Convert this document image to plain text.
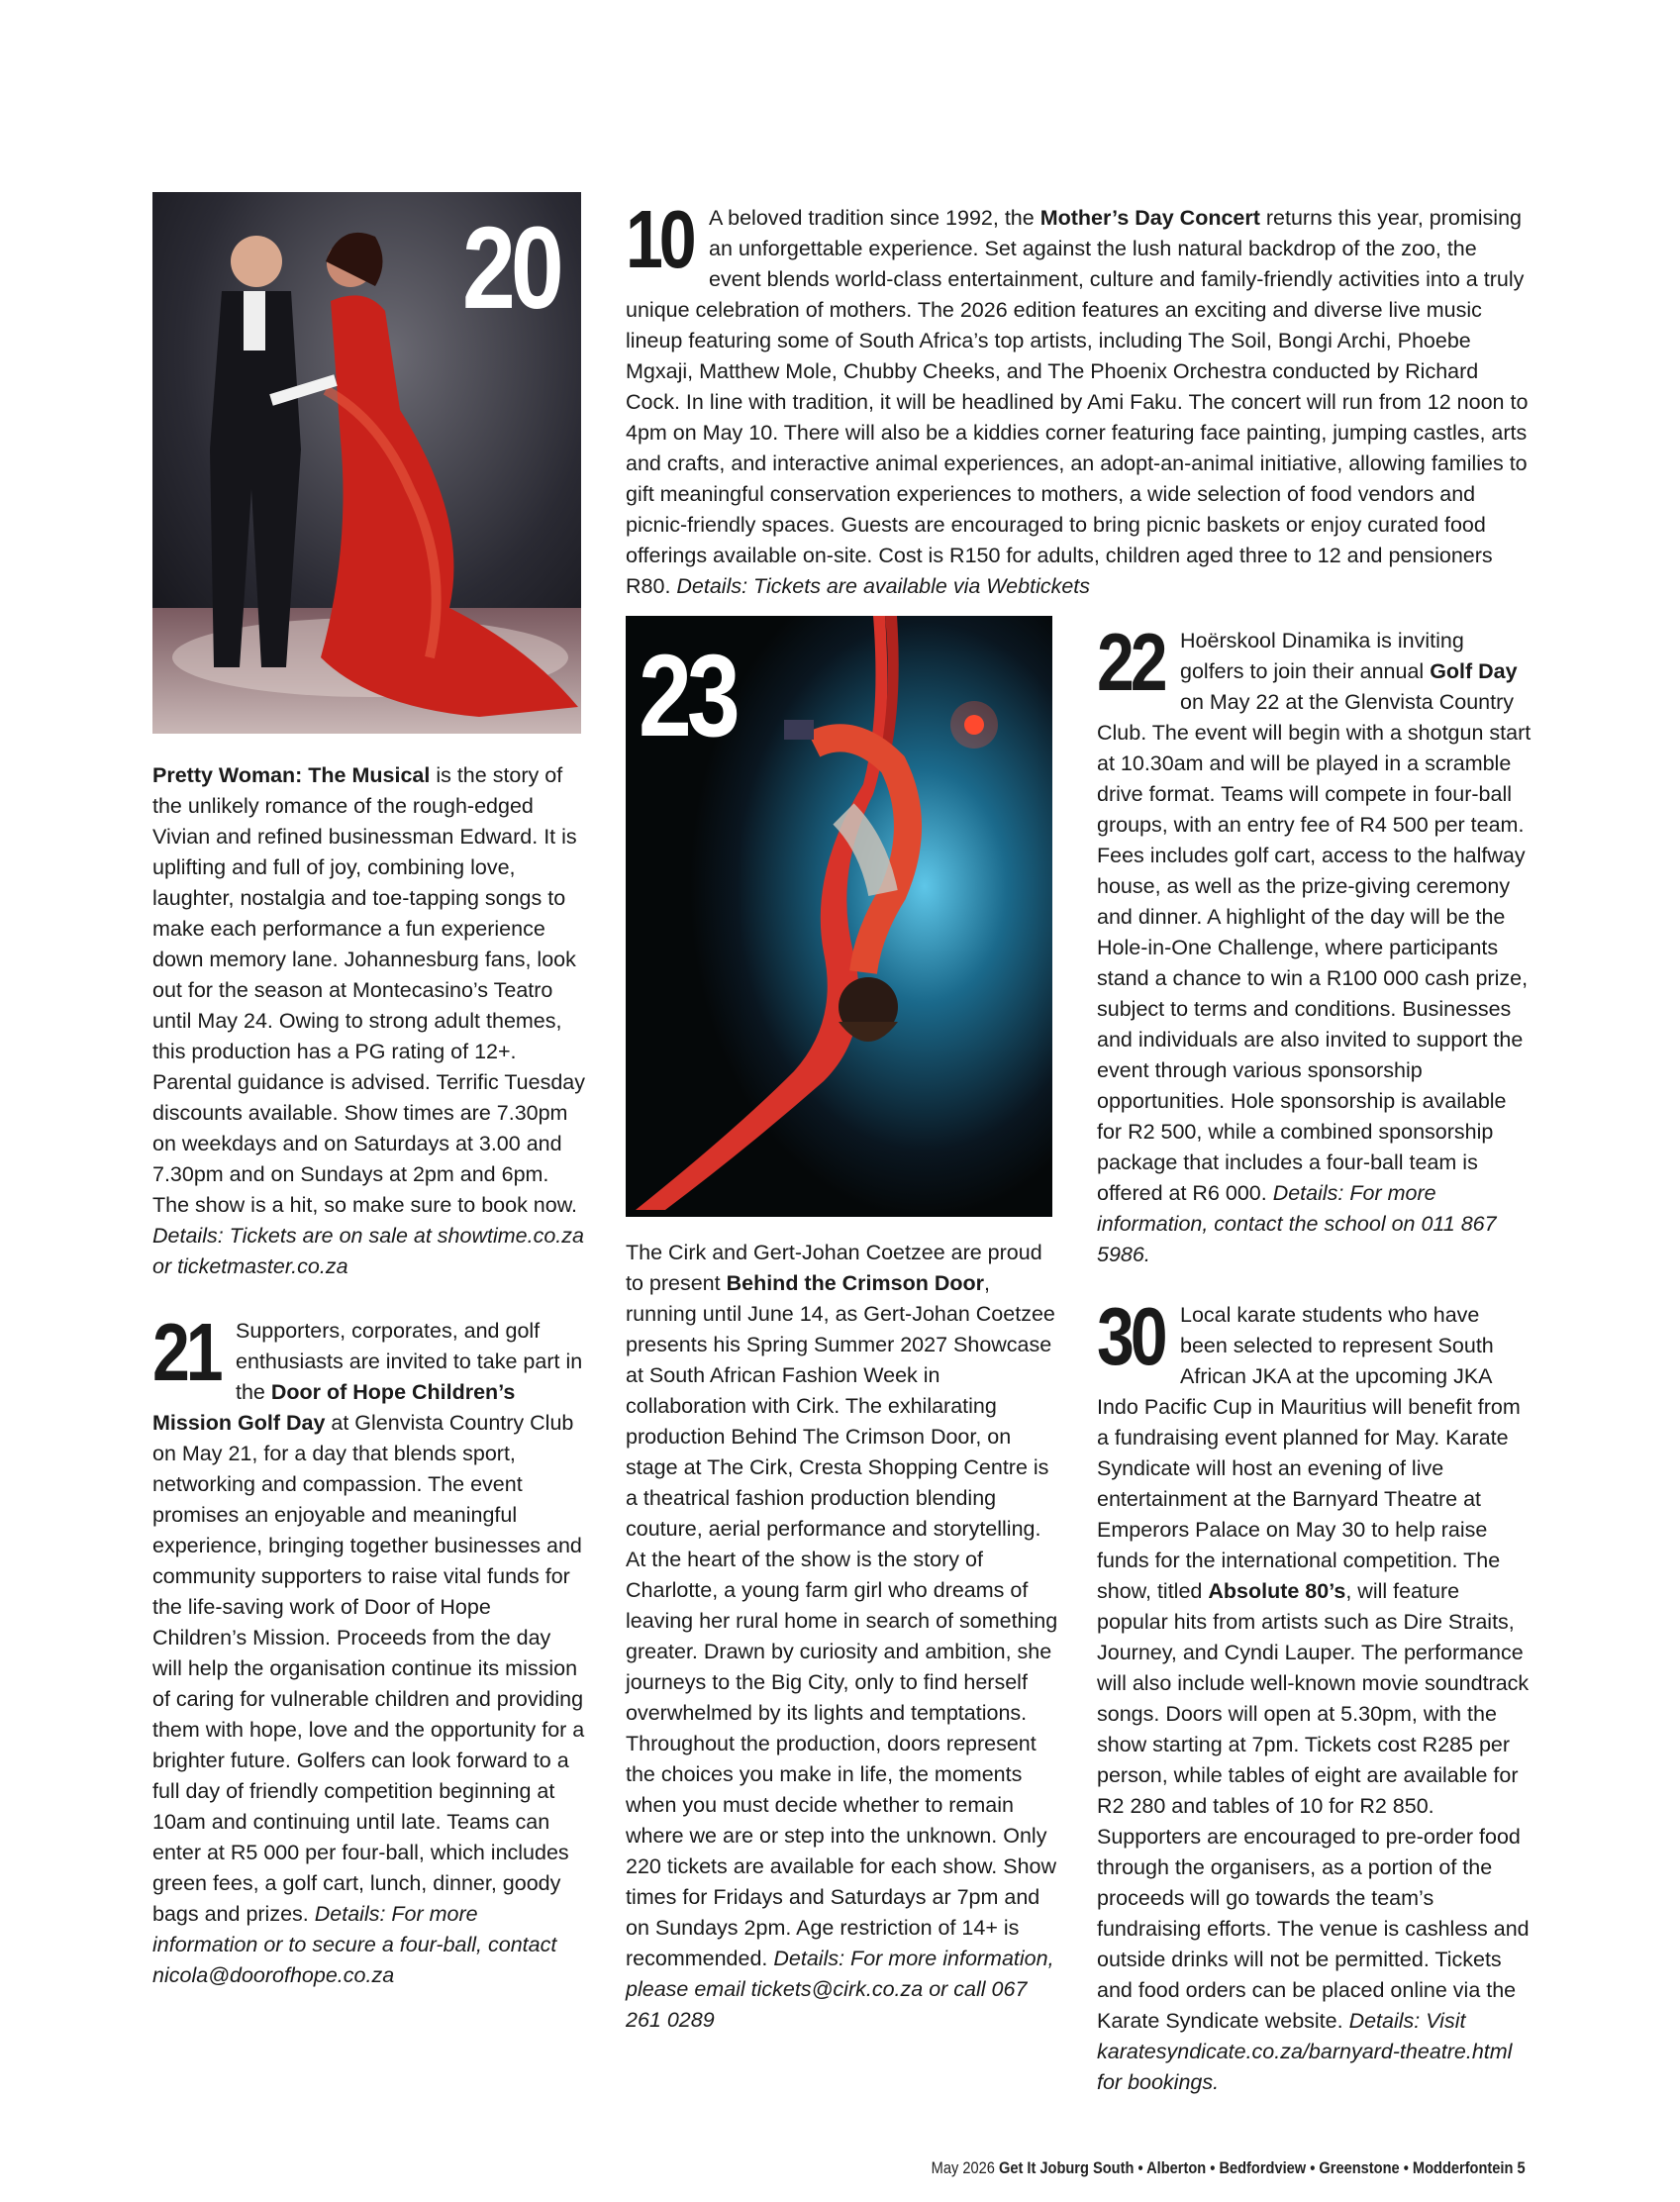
20

Pretty Woman: The Musical is the story of the unlikely romance of the rough-edged Vivian and refined businessman Edward. It is uplifting and full of joy, combining love, laughter, nostalgia and toe-tapping songs to make each performance a fun experience down memory lane. Johannesburg fans, look out for the season at Montecasino’s Teatro until May 24. Owing to strong adult themes, this production has a PG rating of 12+. Parental guidance is advised. Terrific Tuesday discounts available. Show times are 7.30pm on weekdays and on Saturdays at 3.00 and 7.30pm and on Sundays at 2pm and 6pm. The show is a hit, so make sure to book now. Details: Tickets are on sale at showtime.co.za or ticketmaster.co.za

21 Supporters, corporates, and golf enthusiasts are invited to take part in the Door of Hope Children’s Mission Golf Day at Glenvista Country Club on May 21, for a day that blends sport, networking and compassion. The event promises an enjoyable and meaningful experience, bringing together businesses and community supporters to raise vital funds for the life-saving work of Door of Hope Children’s Mission. Proceeds from the day will help the organisation continue its mission of caring for vulnerable children and providing them with hope, love and the opportunity for a brighter future. Golfers can look forward to a full day of friendly competition beginning at 10am and continuing until late. Teams can enter at R5 000 per four-ball, which includes green fees, a golf cart, lunch, dinner, goody bags and prizes. Details: For more information or to secure a four-ball, contact nicola@doorofhope.co.za

10 A beloved tradition since 1992, the Mother’s Day Concert returns this year, promising an unforgettable experience. Set against the lush natural backdrop of the zoo, the event blends world-class entertainment, culture and family-friendly activities into a truly unique celebration of mothers. The 2026 edition features an exciting and diverse live music lineup featuring some of South Africa’s top artists, including The Soil, Bongi Archi, Phoebe Mgxaji, Matthew Mole, Chubby Cheeks, and The Phoenix Orchestra conducted by Richard Cock. In line with tradition, it will be headlined by Ami Faku. The concert will run from 12 noon to 4pm on May 10. There will also be a kiddies corner featuring face painting, jumping castles, arts and crafts, and interactive animal experiences, an adopt-an-animal initiative, allowing families to gift meaningful conservation experiences to mothers, a wide selection of food vendors and picnic-friendly spaces. Guests are encouraged to bring picnic baskets or enjoy curated food offerings available on-site. Cost is R150 for adults, children aged three to 12 and pensioners R80. Details: Tickets are available via Webtickets

23

The Cirk and Gert-Johan Coetzee are proud to present Behind the Crimson Door, running until June 14, as Gert-Johan Coetzee presents his Spring Summer 2027 Showcase at South African Fashion Week in collaboration with Cirk. The exhilarating production Behind The Crimson Door, on stage at The Cirk, Cresta Shopping Centre is a theatrical fashion production blending couture, aerial performance and storytelling. At the heart of the show is the story of Charlotte, a young farm girl who dreams of leaving her rural home in search of something greater. Drawn by curiosity and ambition, she journeys to the Big City, only to find herself overwhelmed by its lights and temptations. Throughout the production, doors represent the choices you make in life, the moments when you must decide whether to remain where we are or step into the unknown. Only 220 tickets are available for each show. Show times for Fridays and Saturdays ar 7pm and on Sundays 2pm. Age restriction of 14+ is recommended. Details: For more information, please email tickets@cirk.co.za or call 067 261 0289

22 Hoërskool Dinamika is inviting golfers to join their annual Golf Day on May 22 at the Glenvista Country Club. The event will begin with a shotgun start at 10.30am and will be played in a scramble drive format. Teams will compete in four-ball groups, with an entry fee of R4 500 per team. Fees includes golf cart, access to the halfway house, as well as the prize-giving ceremony and dinner. A highlight of the day will be the Hole-in-One Challenge, where participants stand a chance to win a R100 000 cash prize, subject to terms and conditions. Businesses and individuals are also invited to support the event through various sponsorship opportunities. Hole sponsorship is available for R2 500, while a combined sponsorship package that includes a four-ball team is offered at R6 000. Details: For more information, contact the school on 011 867 5986.

30 Local karate students who have been selected to represent South African JKA at the upcoming JKA Indo Pacific Cup in Mauritius will benefit from a fundraising event planned for May. Karate Syndicate will host an evening of live entertainment at the Barnyard Theatre at Emperors Palace on May 30 to help raise funds for the international competition. The show, titled Absolute 80’s, will feature popular hits from artists such as Dire Straits, Journey, and Cyndi Lauper. The performance will also include well-known movie soundtrack songs. Doors will open at 5.30pm, with the show starting at 7pm. Tickets cost R285 per person, while tables of eight are available for R2 280 and tables of 10 for R2 850. Supporters are encouraged to pre-order food through the organisers, as a portion of the proceeds will go towards the team’s fundraising efforts. The venue is cashless and outside drinks will not be permitted. Tickets and food orders can be placed online via the Karate Syndicate website. Details: Visit karatesyndicate.co.za/barnyard-theatre.html for bookings.

May 2026 Get It Joburg South • Alberton • Bedfordview • Greenstone • Modderfontein 5
